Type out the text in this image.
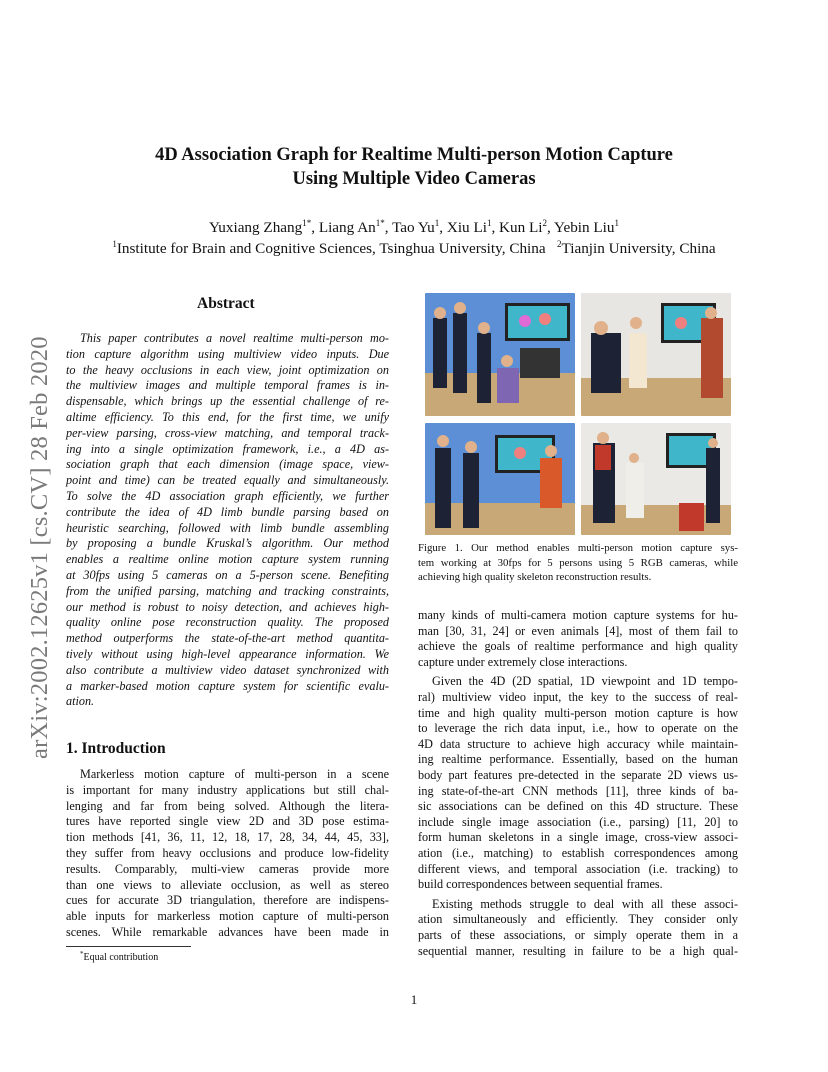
arXiv:2002.12625v1 [cs.CV] 28 Feb 2020
4D Association Graph for Realtime Multi-person Motion Capture
Using Multiple Video Cameras
Yuxiang Zhang$^{1*}$, Liang $An^{1*}$, Tao Yu$^1$, Xiu Li$^1$, Kun Li$^2$, Yebin Liu$^1$
$^1$Institute for Brain and Cognitive Sciences, Tsinghua University, China $^2$Tianjin University, China
Abstract
This paper contributes a novel realtime multi-person mo-
tion capture algorithm using multiview video inputs. Due
to the heavy occlusions in each view, joint optimization on
the multiview images and multiple temporal frames is in-
dispensable, which brings up the essential challenge of re-
altime efficiency. To this end, for the first time, we unify
per-view parsing, cross-view matching, and temporal track-
ing into a single optimization framework, i.e., a 4D as-
sociation graph that each dimension (image space, view-
point and time) can be treated equally and simultaneously.
To solve the 4D association graph efficiently, we further
contribute the idea of 4D limb bundle parsing based on
heuristic searching, followed with limb bundle assembling
by proposing a bundle Kruskal’s algorithm. Our method
enables a realtime online motion capture system running
at 30fps using 5 cameras on a 5-person scene. Benefiting
from the unified parsing, matching and tracking constraints,
our method is robust to noisy detection, and achieves high-
quality online pose reconstruction quality. The proposed
method outperforms the state-of-the-art method quantita-
tively without using high-level appearance information. We
also contribute a multiview video dataset synchronized with
a marker-based motion capture system for scientific evalu-
ation.
1. Introduction
Markerless motion capture of multi-person in a scene
is important for many industry applications but still chal-
lenging and far from being solved. Although the litera-
tures have reported single view 2D and 3D pose estima-
tion methods [41, 36, 11, 12, 18, 17, 28, 34, 44, 45, 33],
they suffer from heavy occlusions and produce low-fidelity
results. Comparably, multi-view cameras provide more
than one views to alleviate occlusion, as well as stereo
cues for accurate 3D triangulation, therefore are indispens-
able inputs for markerless motion capture of multi-person
scenes. While remarkable advances have been made in
Figure 1. Our method enables multi-person motion capture sys-
tem working at 30fps for 5 persons using 5 RGB cameras, while
achieving high quality skeleton reconstruction results.
many kinds of multi-camera motion capture systems for hu-
man [30, 31, 24] or even animals [4], most of them fail to
achieve the goals of realtime performance and high quality
capture under extremely close interactions.
Given the 4D (2D spatial, 1D viewpoint and 1D tempo-
ral) multiview video input, the key to the success of real-
time and high quality multi-person motion capture is how
to leverage the rich data input, i.e., how to operate on the
4D data structure to achieve high accuracy while maintain-
ing realtime performance. Essentially, based on the human
body part features pre-detected in the separate 2D views us-
ing state-of-the-art CNN methods [11], three kinds of ba-
sic associations can be defined on this 4D structure. These
include single image association (i.e., parsing) [11, 20] to
form human skeletons in a single image, cross-view associ-
ation (i.e., matching) to establish correspondences among
different views, and temporal association (i.e. tracking) to
build correspondences between sequential frames.
Existing methods struggle to deal with all these associ-
ation simultaneously and efficiently. They consider only
parts of these associations, or simply operate them in a
sequential manner, resulting in failure to be a high qual-
*Equal contribution
1
